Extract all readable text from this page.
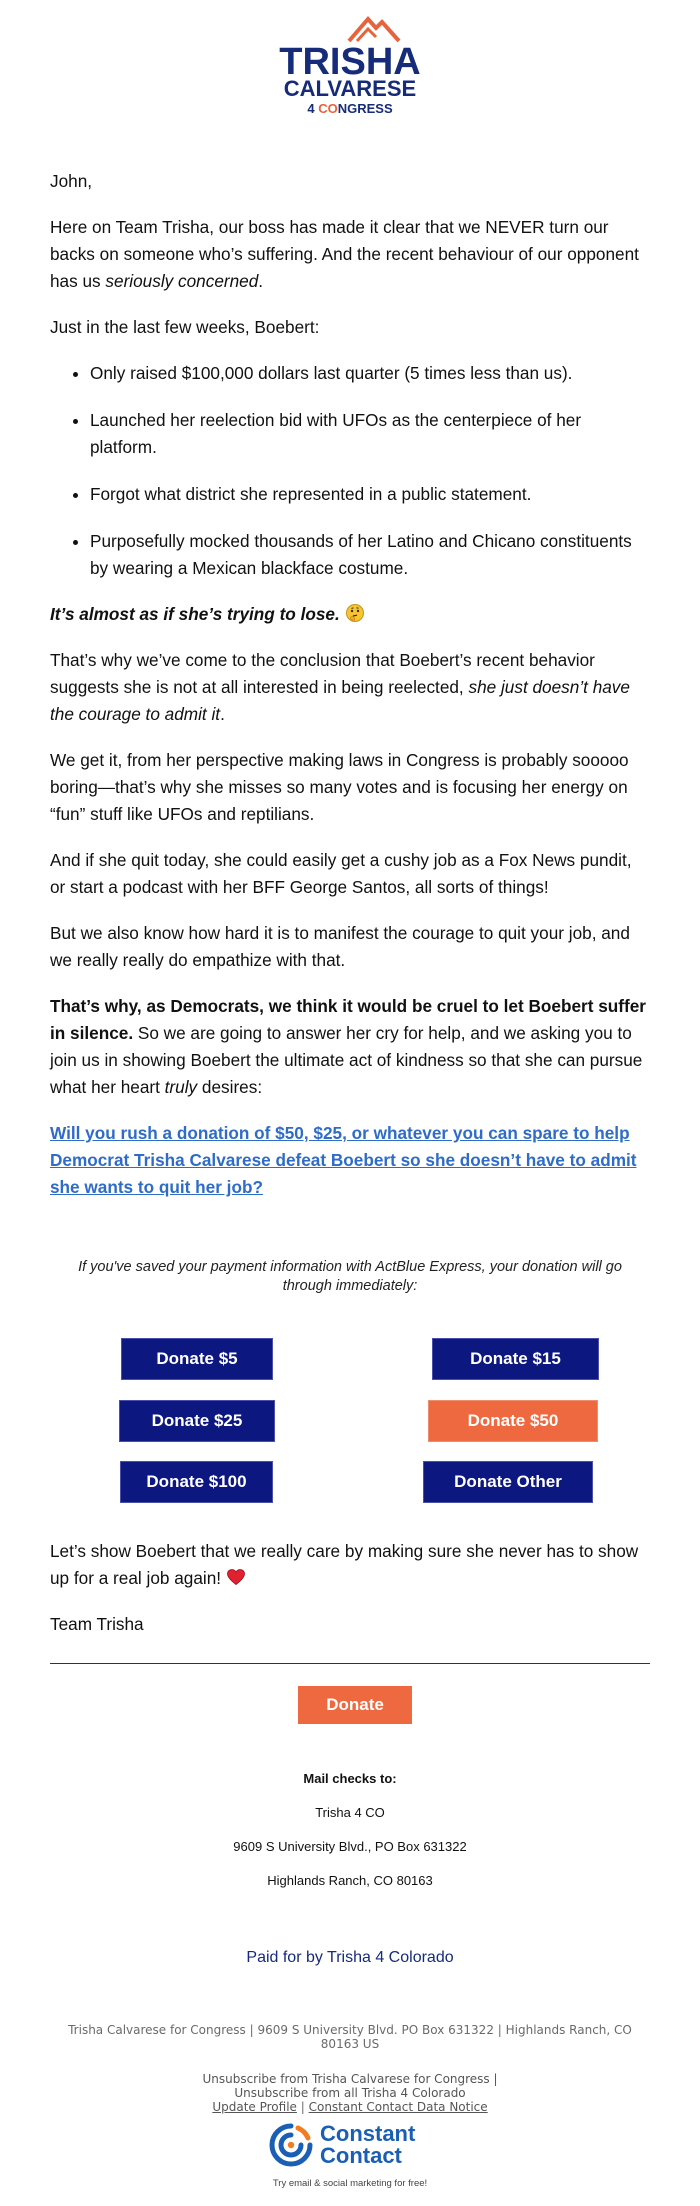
TRISHA
CALVARESE
4 CONGRESS

John,

Here on Team Trisha, our boss has made it clear that we NEVER turn our backs on someone who’s suffering. And the recent behaviour of our opponent has us seriously concerned.

Just in the last few weeks, Boebert:

• Only raised $100,000 dollars last quarter (5 times less than us).
• Launched her reelection bid with UFOs as the centerpiece of her platform.
• Forgot what district she represented in a public statement.
• Purposefully mocked thousands of her Latino and Chicano constituents by wearing a Mexican blackface costume.

It’s almost as if she’s trying to lose.

That’s why we’ve come to the conclusion that Boebert’s recent behavior suggests she is not at all interested in being reelected, she just doesn’t have the courage to admit it.

We get it, from her perspective making laws in Congress is probably sooooo boring—that’s why she misses so many votes and is focusing her energy on “fun” stuff like UFOs and reptilians.

And if she quit today, she could easily get a cushy job as a Fox News pundit, or start a podcast with her BFF George Santos, all sorts of things!

But we also know how hard it is to manifest the courage to quit your job, and we really really do empathize with that.

That’s why, as Democrats, we think it would be cruel to let Boebert suffer in silence. So we are going to answer her cry for help, and we asking you to join us in showing Boebert the ultimate act of kindness so that she can pursue what her heart truly desires:

Will you rush a donation of $50, $25, or whatever you can spare to help Democrat Trisha Calvarese defeat Boebert so she doesn’t have to admit she wants to quit her job?

If you've saved your payment information with ActBlue Express, your donation will go through immediately:
Donate $5	Donate $15
Donate $25	Donate $50
Donate $100	Donate Other

Let’s show Boebert that we really care by making sure she never has to show up for a real job again!

Team Trisha

Donate
Mail checks to:
Trisha 4 CO
9609 S University Blvd., PO Box 631322
Highlands Ranch, CO 80163
Paid for by Trisha 4 Colorado
Trisha Calvarese for Congress | 9609 S University Blvd. PO Box 631322 | Highlands Ranch, CO 80163 US
Unsubscribe from Trisha Calvarese for Congress |
Unsubscribe from all Trisha 4 Colorado
Update Profile | Constant Contact Data Notice
Constant
Contact
Try email & social marketing for free!
